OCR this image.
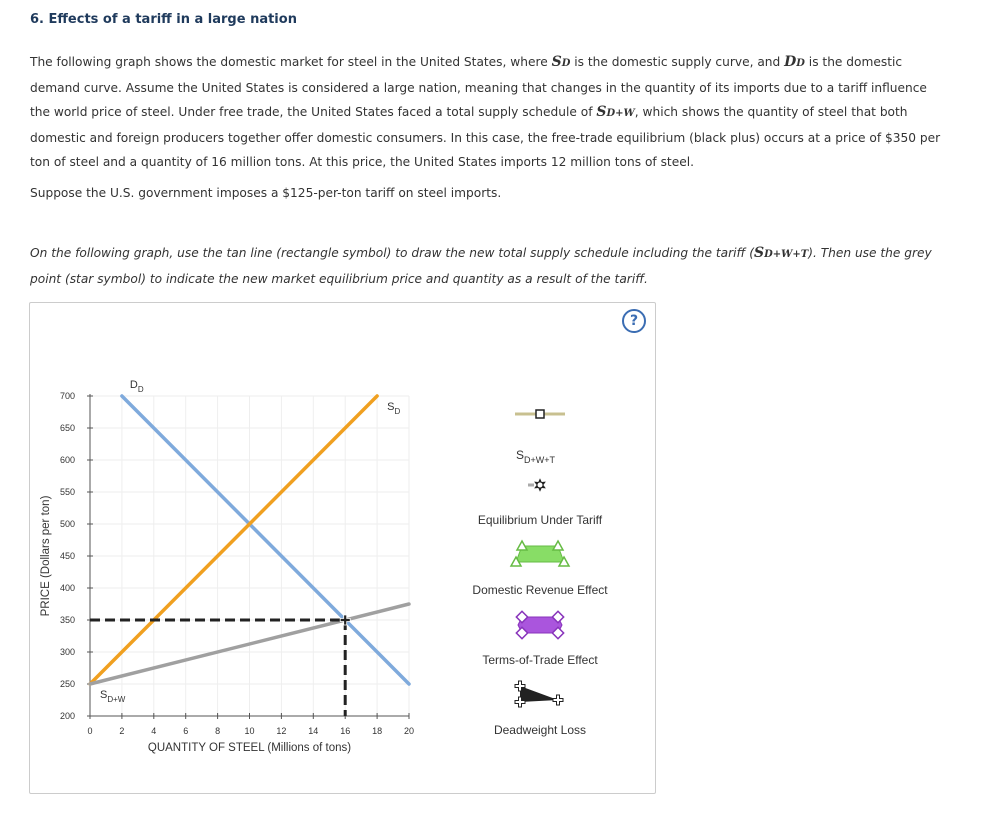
6. Effects of a tariff in a large nation
The following graph shows the domestic market for steel in the United States, where SD is the domestic supply curve, and DD is the domestic demand curve. Assume the United States is considered a large nation, meaning that changes in the quantity of its imports due to a tariff influence the world price of steel. Under free trade, the United States faced a total supply schedule of SD+W, which shows the quantity of steel that both domestic and foreign producers together offer domestic consumers. In this case, the free-trade equilibrium (black plus) occurs at a price of $350 per ton of steel and a quantity of 16 million tons. At this price, the United States imports 12 million tons of steel.
Suppose the U.S. government imposes a $125-per-ton tariff on steel imports.
On the following graph, use the tan line (rectangle symbol) to draw the new total supply schedule including the tariff (SD+W+T). Then use the grey point (star symbol) to indicate the new market equilibrium price and quantity as a result of the tariff.
?
200
250
300
350
400
450
500
550
600
650
700
0	2	4	6	8	10 12 14 16 18 20
$D_D$
$S_D$
$S_{D+W}$
PRICE (Dollars per ton)
QUANTITY OF STEEL (Millions of tons)
$S_{D+W+T}$
Equilibrium Under Tariff
Domestic Revenue Effect
Terms-of-Trade Effect
Deadweight Loss
